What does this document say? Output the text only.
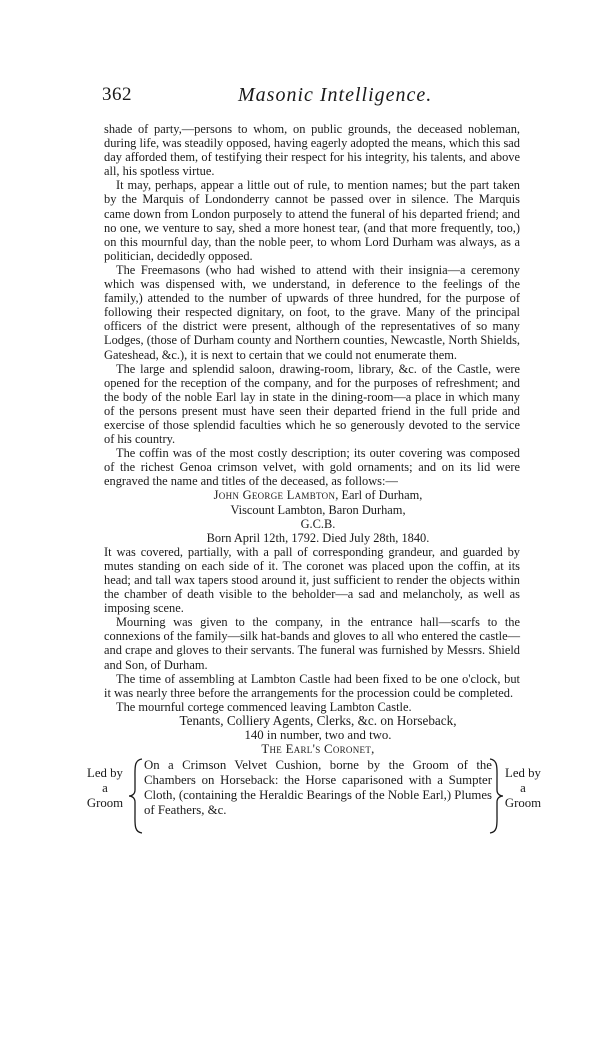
362	Masonic Intelligence.

shade of party,—persons to whom, on public grounds, the deceased nobleman, during life, was steadily opposed, having eagerly adopted the means, which this sad day afforded them, of testifying their respect for his integrity, his talents, and above all, his spotless virtue.

It may, perhaps, appear a little out of rule, to mention names; but the part taken by the Marquis of Londonderry cannot be passed over in silence. The Marquis came down from London purposely to attend the funeral of his departed friend; and no one, we venture to say, shed a more honest tear, (and that more frequently, too,) on this mournful day, than the noble peer, to whom Lord Durham was always, as a politician, decidedly opposed.

The Freemasons (who had wished to attend with their insignia—a ceremony which was dispensed with, we understand, in deference to the feelings of the family,) attended to the number of upwards of three hundred, for the purpose of following their respected dignitary, on foot, to the grave. Many of the principal officers of the district were present, although of the representatives of so many Lodges, (those of Durham county and Northern counties, Newcastle, North Shields, Gateshead, &c.), it is next to certain that we could not enumerate them.

The large and splendid saloon, drawing-room, library, &c. of the Castle, were opened for the reception of the company, and for the purposes of refreshment; and the body of the noble Earl lay in state in the dining-room—a place in which many of the persons present must have seen their departed friend in the full pride and exercise of those splendid faculties which he so generously devoted to the service of his country.

The coffin was of the most costly description; its outer covering was composed of the richest Genoa crimson velvet, with gold ornaments; and on its lid were engraved the name and titles of the deceased, as follows:—

John George Lambton, Earl of Durham,

Viscount Lambton, Baron Durham,

G.C.B.

Born April 12th, 1792. Died July 28th, 1840.

It was covered, partially, with a pall of corresponding grandeur, and guarded by mutes standing on each side of it. The coronet was placed upon the coffin, at its head; and tall wax tapers stood around it, just sufficient to render the objects within the chamber of death visible to the beholder—a sad and melancholy, as well as imposing scene.

Mourning was given to the company, in the entrance hall—scarfs to the connexions of the family—silk hat-bands and gloves to all who entered the castle—and crape and gloves to their servants. The funeral was furnished by Messrs. Shield and Son, of Durham.

The time of assembling at Lambton Castle had been fixed to be one o'clock, but it was nearly three before the arrangements for the procession could be completed.

The mournful cortege commenced leaving Lambton Castle.

Tenants, Colliery Agents, Clerks, &c. on Horseback,

140 in number, two and two.

The Earl's Coronet,

Led by
a
Groom
On a Crimson Velvet Cushion, borne by the Groom of the Chambers on Horseback: the Horse caparisoned with a Sumpter Cloth, (containing the Heraldic Bearings of the Noble Earl,) Plumes of Feathers, &c.
Led by
a
Groom
